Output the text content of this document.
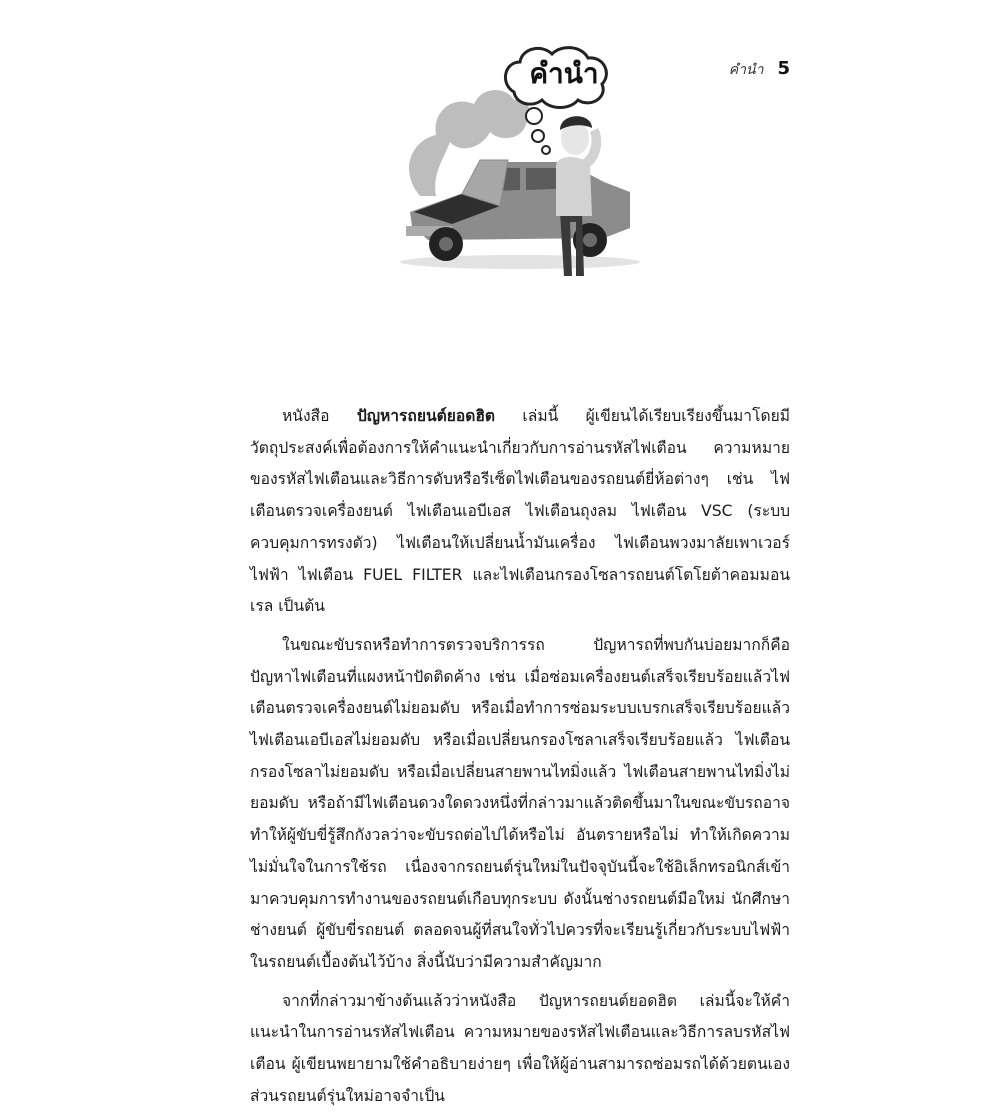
คำนำ 5
คำนำ

หนังสือ ปัญหารถยนต์ยอดฮิต เล่มนี้ ผู้เขียนได้เรียบเรียงขึ้นมาโดยมีวัตถุประสงค์เพื่อต้องการให้คำแนะนำเกี่ยวกับการอ่านรหัสไฟเตือน ความหมายของรหัสไฟเตือนและวิธีการดับหรือรีเซ็ตไฟเตือนของรถยนต์ยี่ห้อต่างๆ เช่น ไฟเตือนตรวจเครื่องยนต์ ไฟเตือนเอบีเอส ไฟเตือนถุงลม ไฟเตือน VSC (ระบบควบคุมการทรงตัว) ไฟเตือนให้เปลี่ยนน้ำมันเครื่อง ไฟเตือนพวงมาลัยเพาเวอร์ไฟฟ้า ไฟเตือน FUEL FILTER และไฟเตือนกรองโซลารถยนต์โตโยต้าคอมมอนเรล เป็นต้น

ในขณะขับรถหรือทำการตรวจบริการรถ ปัญหารถที่พบกันบ่อยมากก็คือ ปัญหาไฟเตือนที่แผงหน้าปัดติดค้าง เช่น เมื่อซ่อมเครื่องยนต์เสร็จเรียบร้อยแล้วไฟเตือนตรวจเครื่องยนต์ไม่ยอมดับ หรือเมื่อทำการซ่อมระบบเบรกเสร็จเรียบร้อยแล้ว ไฟเตือนเอบีเอสไม่ยอมดับ หรือเมื่อเปลี่ยนกรองโซลาเสร็จเรียบร้อยแล้ว ไฟเตือนกรองโซลาไม่ยอมดับ หรือเมื่อเปลี่ยนสายพานไทมิ่งแล้ว ไฟเตือนสายพานไทมิ่งไม่ยอมดับ หรือถ้ามีไฟเตือนดวงใดดวงหนึ่งที่กล่าวมาแล้วติดขึ้นมาในขณะขับรถอาจทำให้ผู้ขับขี่รู้สึกกังวลว่าจะขับรถต่อไปได้หรือไม่ อันตรายหรือไม่ ทำให้เกิดความไม่มั่นใจในการใช้รถ เนื่องจากรถยนต์รุ่นใหม่ในปัจจุบันนี้จะใช้อิเล็กทรอนิกส์เข้ามาควบคุมการทำงานของรถยนต์เกือบทุกระบบ ดังนั้นช่างรถยนต์มือใหม่ นักศึกษาช่างยนต์ ผู้ขับขี่รถยนต์ ตลอดจนผู้ที่สนใจทั่วไปควรที่จะเรียนรู้เกี่ยวกับระบบไฟฟ้าในรถยนต์เบื้องต้นไว้บ้าง สิ่งนี้นับว่ามีความสำคัญมาก

จากที่กล่าวมาข้างต้นแล้วว่าหนังสือ ปัญหารถยนต์ยอดฮิต เล่มนี้จะให้คำแนะนำในการอ่านรหัสไฟเตือน ความหมายของรหัสไฟเตือนและวิธีการลบรหัสไฟเตือน ผู้เขียนพยายามใช้คำอธิบายง่ายๆ เพื่อให้ผู้อ่านสามารถซ่อมรถได้ด้วยตนเอง ส่วนรถยนต์รุ่นใหม่อาจจำเป็น
